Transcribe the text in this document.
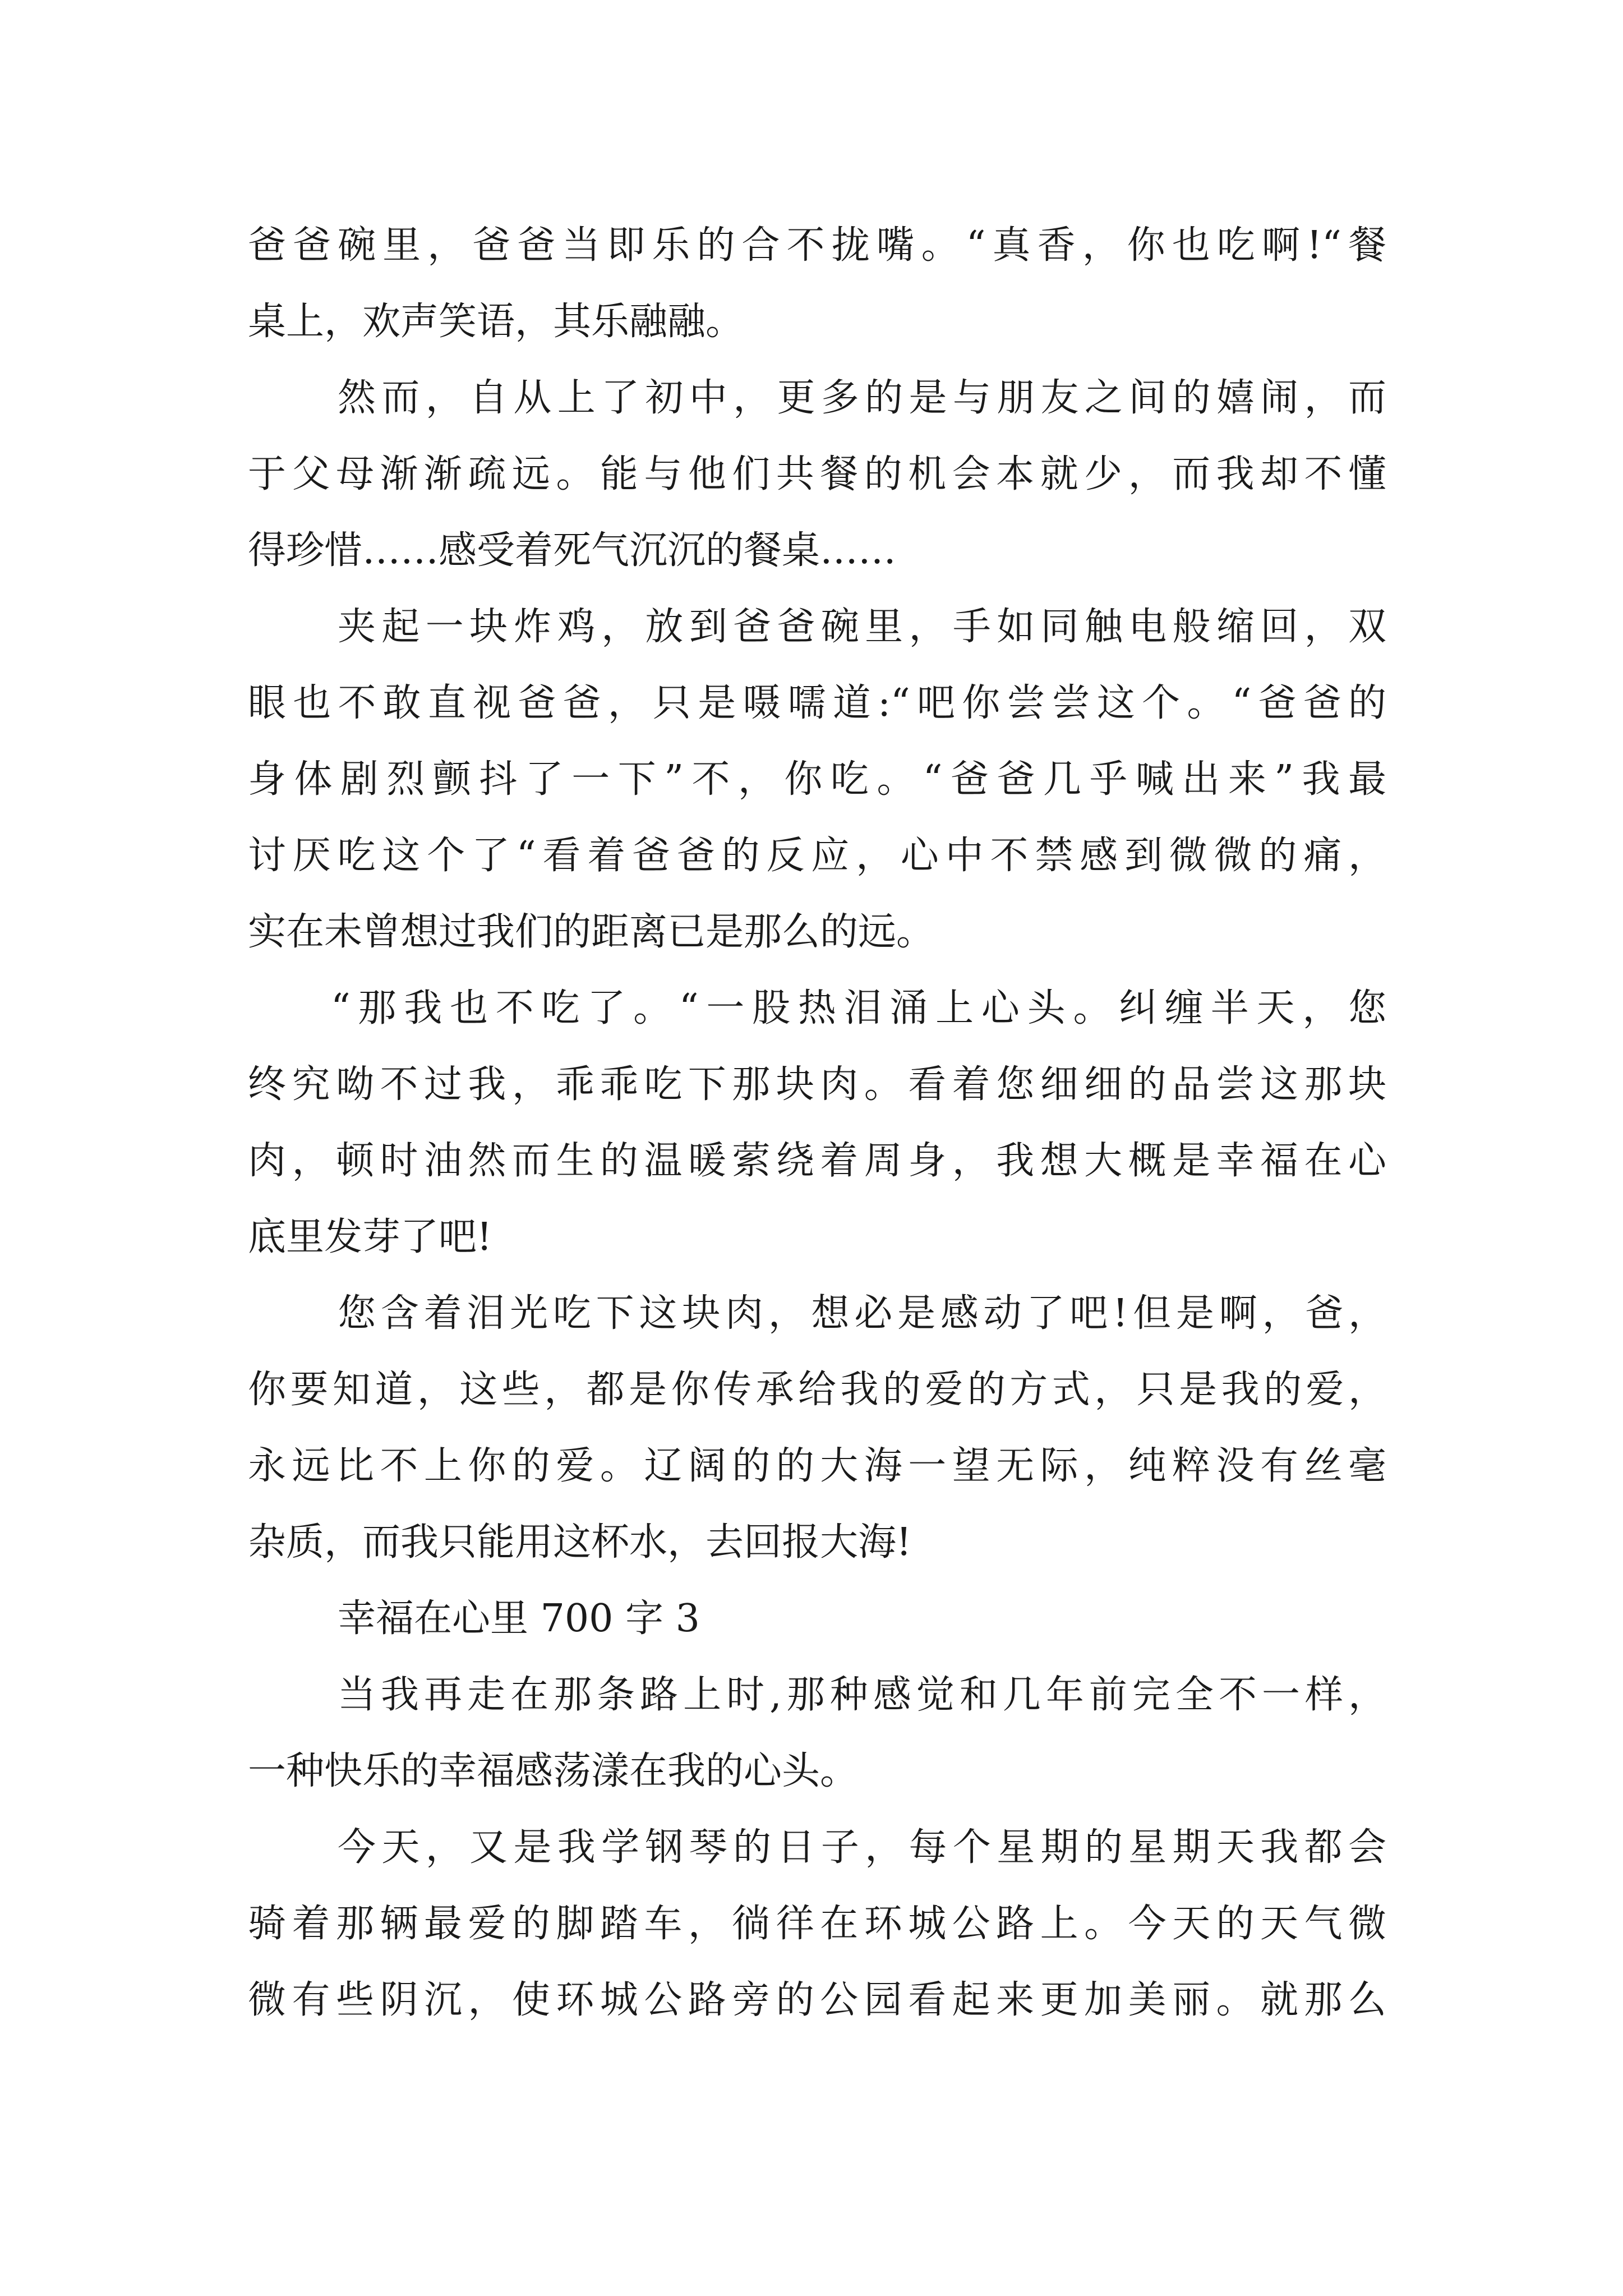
爸爸碗里，爸爸当即乐的合不拢嘴。“真香，你也吃啊!“餐
桌上，欢声笑语，其乐融融。
然而，自从上了初中，更多的是与朋友之间的嬉闹，而
于父母渐渐疏远。能与他们共餐的机会本就少，而我却不懂
得珍惜……感受着死气沉沉的餐桌……
夹起一块炸鸡，放到爸爸碗里，手如同触电般缩回，双
眼也不敢直视爸爸，只是嗫嚅道:“吧你尝尝这个。“爸爸的
身体剧烈颤抖了一下”不，你吃。“爸爸几乎喊出来”我最
讨厌吃这个了“看着爸爸的反应，心中不禁感到微微的痛，
实在未曾想过我们的距离已是那么的远。
“那我也不吃了。“一股热泪涌上心头。纠缠半天，您
终究呦不过我，乖乖吃下那块肉。看着您细细的品尝这那块
肉，顿时油然而生的温暖萦绕着周身，我想大概是幸福在心
底里发芽了吧!
您含着泪光吃下这块肉，想必是感动了吧!但是啊，爸，
你要知道，这些，都是你传承给我的爱的方式，只是我的爱，
永远比不上你的爱。辽阔的的大海一望无际，纯粹没有丝毫
杂质，而我只能用这杯水，去回报大海!
幸福在心里 700 字 3
当我再走在那条路上时,那种感觉和几年前完全不一样，
一种快乐的幸福感荡漾在我的心头。
今天，又是我学钢琴的日子，每个星期的星期天我都会
骑着那辆最爱的脚踏车，徜徉在环城公路上。今天的天气微
微有些阴沉，使环城公路旁的公园看起来更加美丽。就那么
